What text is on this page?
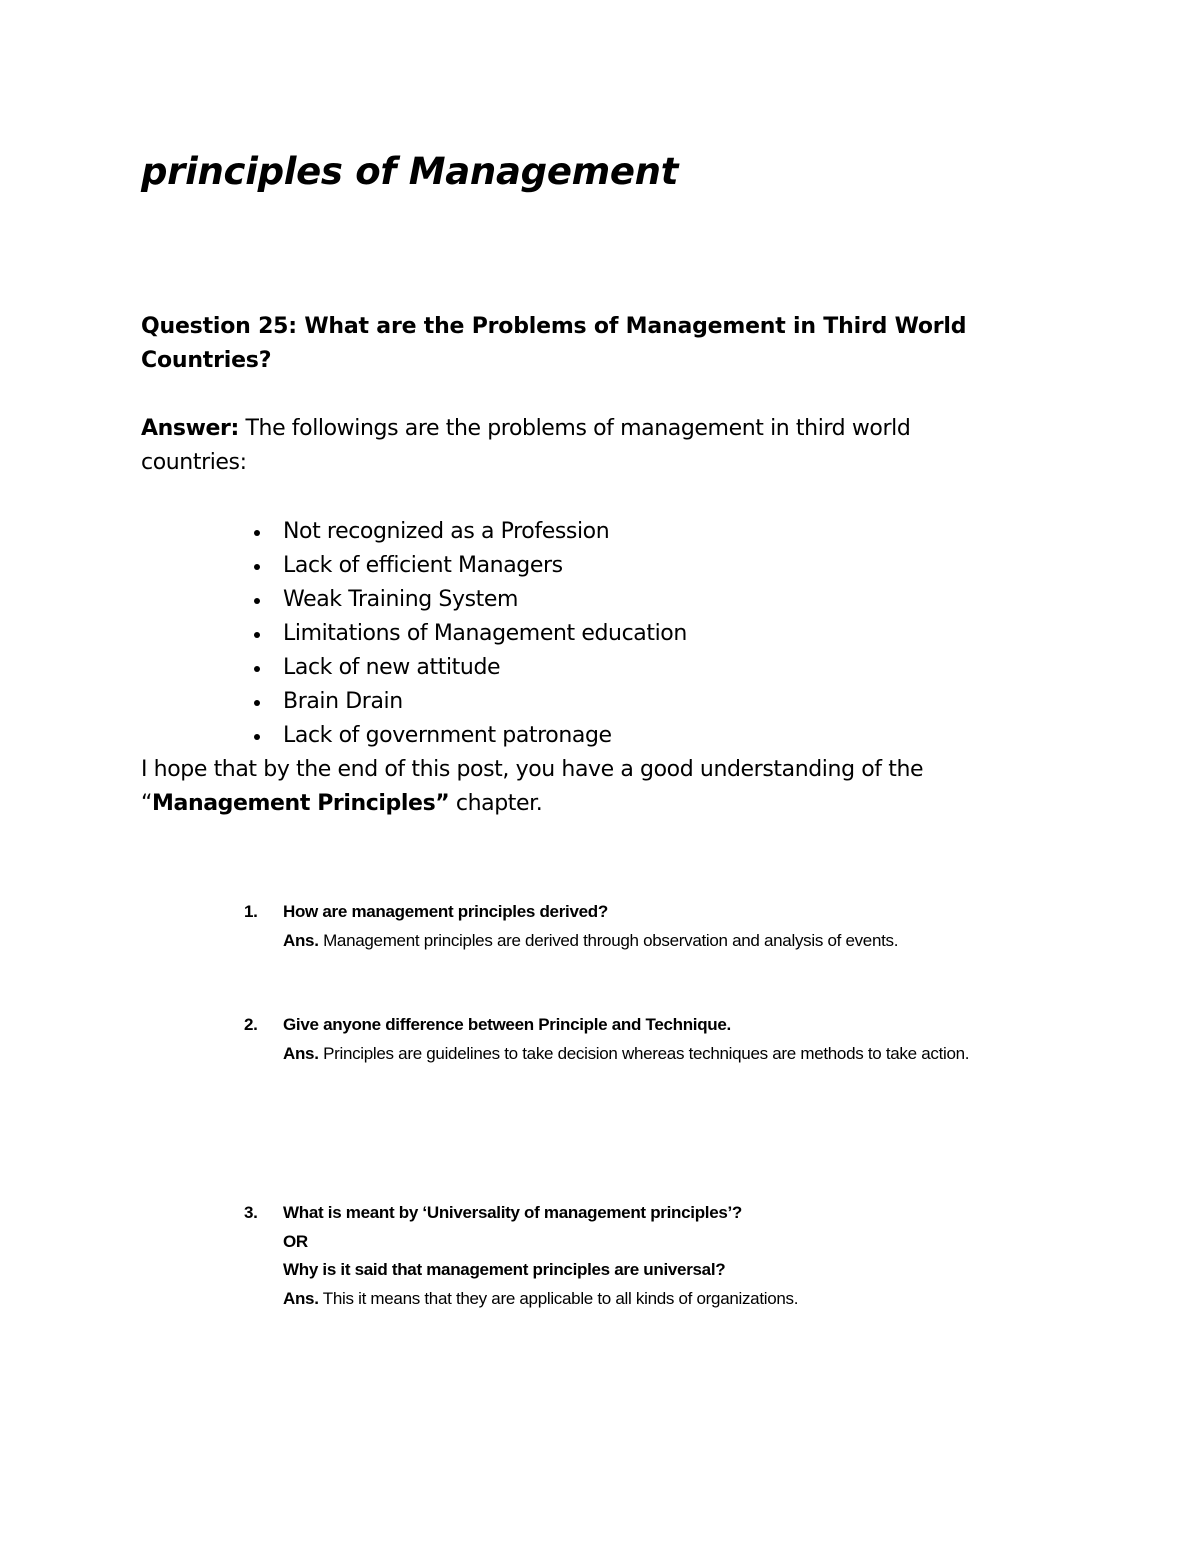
principles of Management

Question 25: What are the Problems of Management in Third World Countries?

Answer: The followings are the problems of management in third world countries:

Not recognized as a Profession
Lack of efficient Managers
Weak Training System
Limitations of Management education
Lack of new attitude
Brain Drain
Lack of government patronage

I hope that by the end of this post, you have a good understanding of the “Management Principles” chapter.

1. How are management principles derived?
Ans. Management principles are derived through observation and analysis of events.
2. Give anyone difference between Principle and Technique.
Ans. Principles are guidelines to take decision whereas techniques are methods to take action.
3. What is meant by ‘Universality of management principles’?
OR
Why is it said that management principles are universal?
Ans. This it means that they are applicable to all kinds of organizations.
